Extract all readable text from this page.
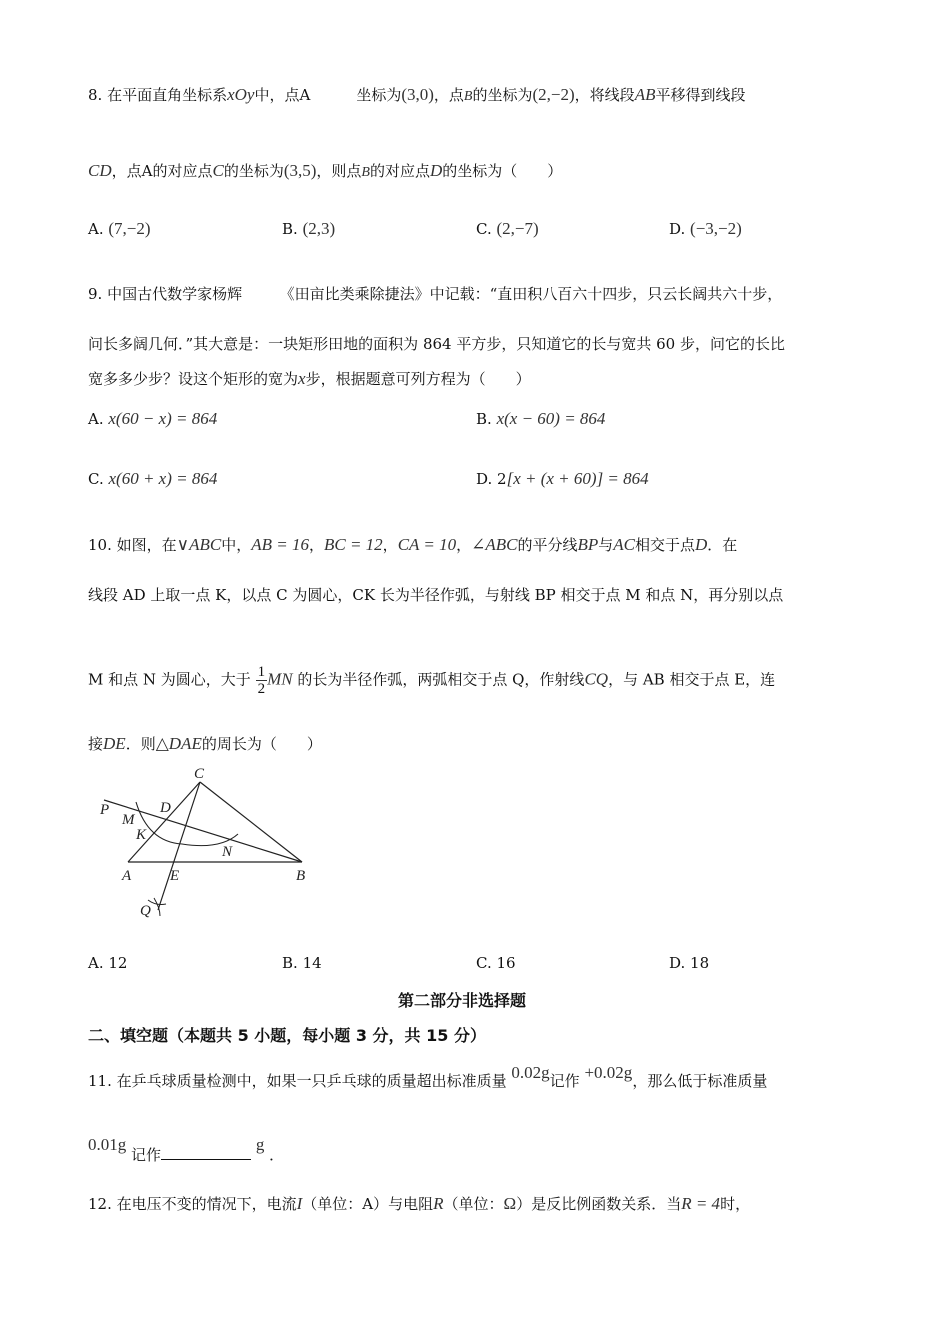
8. 在平面直角坐标系xOy中，点A	坐标为(3,0)，点B的坐标为(2,−2)，将线段AB平移得到线段
CD，点A的对应点C的坐标为(3,5)，则点B的对应点D的坐标为（　　）
A. (7,−2)	B. (2,3)	C. (2,−7)	D. (−3,−2)
9. 中国古代数学家杨辉　　　《田亩比类乘除捷法》中记载：“直田积八百六十四步，只云长阔共六十步，
问长多阔几何．”其大意是：一块矩形田地的面积为 864 平方步，只知道它的长与宽共 60 步，问它的长比
宽多多少步？设这个矩形的宽为x步，根据题意可列方程为（　　）
A. x(60 − x) = 864	B. x(x − 60) = 864
C. x(60 + x) = 864	D. 2[x + (x + 60)] = 864
10. 如图，在∨ABC中，AB = 16，BC = 12，CA = 10，∠ABC的平分线BP与AC相交于点D．在
线段 AD 上取一点 K，以点 C 为圆心，CK 长为半径作弧，与射线 BP 相交于点 M 和点 N，再分别以点
M 和点 N 为圆心，大于 $\frac{1}{2}$ MN 的长为半径作弧，两弧相交于点 Q，作射线CQ，与 AB 相交于点 E，连
接DE．则△DAE的周长为（　　）
C
P	D
M
K
N
A	E	B
Q
A. 12	B. 14	C. 16	D. 18
第二部分非选择题
二、填空题（本题共 5 小题，每小题 3 分，共 15 分）
11. 在乒乓球质量检测中，如果一只乒乓球的质量超出标准质量 0.02g记作 +0.02g，那么低于标准质量
0.01g 记作 g ．
12. 在电压不变的情况下，电流I（单位：A）与电阻R（单位：Ω）是反比例函数关系．当R = 4时，
